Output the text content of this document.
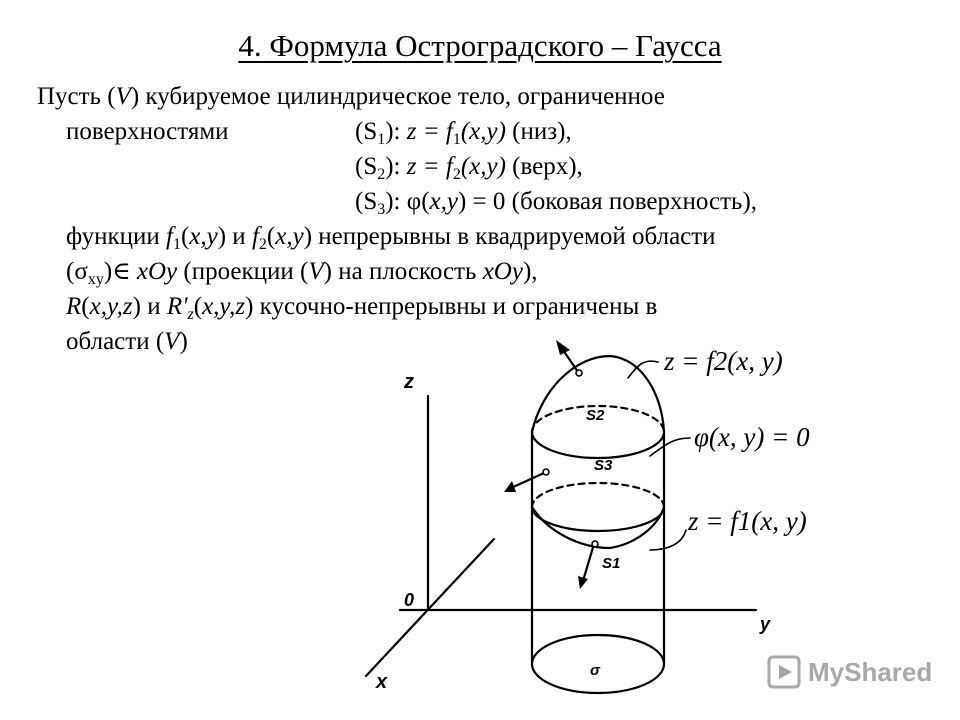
4. Формула Остроградского – Гаусса
Пусть (V) кубируемое цилиндрическое тело, ограниченное
поверхностями	$(S_1)$: $z = f_1(x,y)$ (низ),
$(S_2)$: $z = f_2(x,y)$ (верх),
$(S_3)$: φ(x,y) = 0 (боковая поверхность),
функции $f_1(x,y)$ и $f_2(x,y)$ непрерывны в квадрируемой области
$(\sigma_{xy})\in$ xOy (проекции (V) на плоскость xOy),
R(x,y,z) и $R'_z(x,y,z)$ кусочно-непрерывны и ограничены в
области (V)
z
y
x
0
S2
S3
S1
σ
z = f2(x, y)
φ(x, y) = 0
z = f1(x, y)
MyShared
